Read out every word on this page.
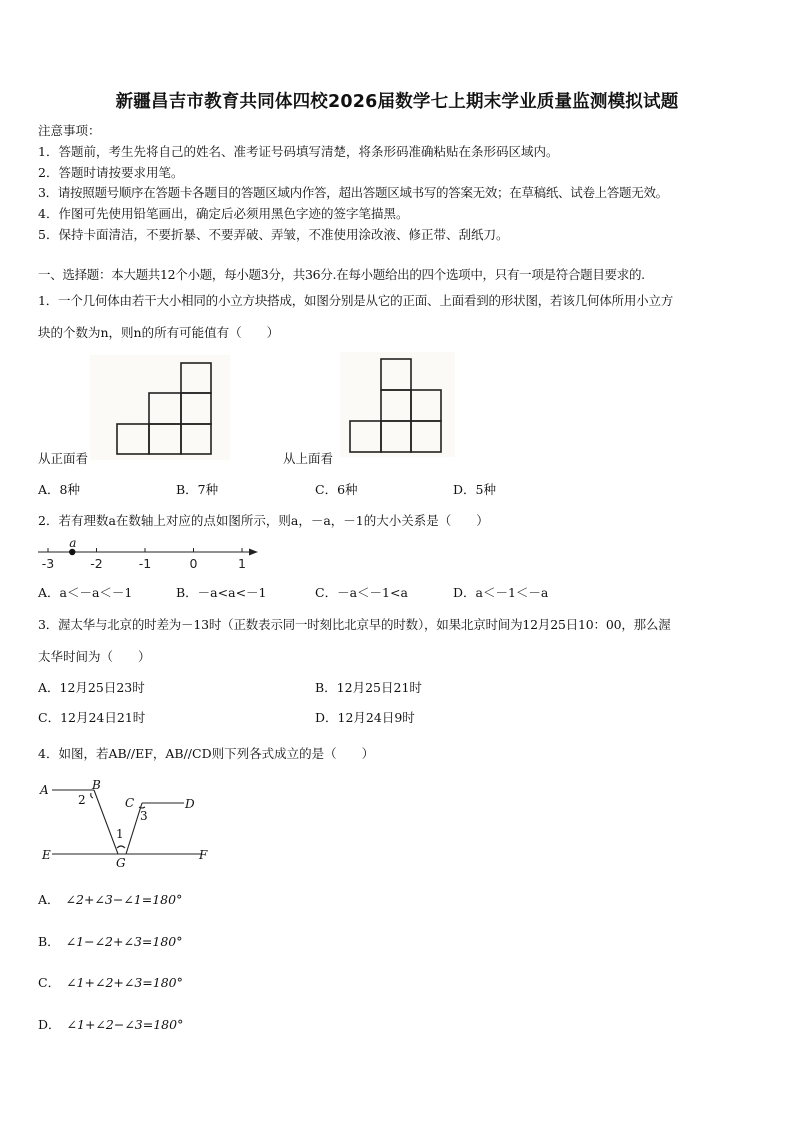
新疆昌吉市教育共同体四校2026届数学七上期末学业质量监测模拟试题
注意事项：
1．答题前，考生先将自己的姓名、准考证号码填写清楚，将条形码准确粘贴在条形码区域内。
2．答题时请按要求用笔。
3．请按照题号顺序在答题卡各题目的答题区域内作答，超出答题区域书写的答案无效；在草稿纸、试卷上答题无效。
4．作图可先使用铅笔画出，确定后必须用黑色字迹的签字笔描黑。
5．保持卡面清洁，不要折暴、不要弄破、弄皱，不准使用涂改液、修正带、刮纸刀。
一、选择题：本大题共12个小题，每小题3分，共36分.在每小题给出的四个选项中，只有一项是符合题目要求的.
1．一个几何体由若干大小相同的小立方块搭成，如图分别是从它的正面、上面看到的形状图，若该几何体所用小立方
块的个数为n，则n的所有可能值有（　　）
从正面看	从上面看
A．8种	B．7种	C．6种	D．5种
2．若有理数a在数轴上对应的点如图所示，则a，－a，－1的大小关系是（　　）
-3	-2	-1	0	1
a
A．a＜－a＜－1	B．－a<a<－1	C．－a＜－1<a	D．a＜－1＜－a
3．渥太华与北京的时差为－13时（正数表示同一时刻比北京早的时数），如果北京时间为12月25日10：00，那么渥
太华时间为（　　）
A．12月25日23时	B．12月25日21时
C．12月24日21时	D．12月24日9时
4．如图，若AB//EF，AB//CD则下列各式成立的是（　　）
A	B
C	D
E	F
G
1
2
3
A． ∠2+∠3−∠1=180°
B． ∠1−∠2+∠3=180°
C． ∠1+∠2+∠3=180°
D． ∠1+∠2−∠3=180°
